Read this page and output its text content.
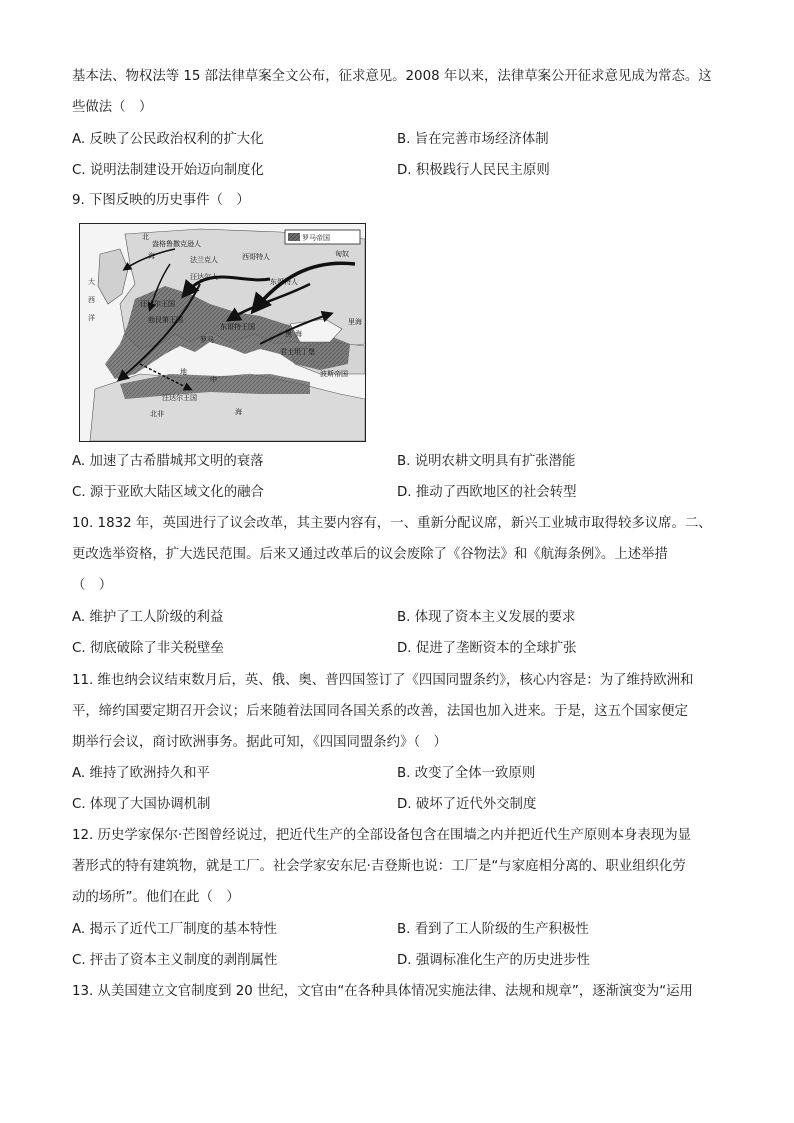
基本法、物权法等 15 部法律草案全文公布，征求意见。2008 年以来，法律草案公开征求意见成为常态。这
些做法（　）
A. 反映了公民政治权利的扩大化	B. 旨在完善市场经济体制
C. 说明法制建设开始迈向制度化	D. 积极践行人民民主原则
9. 下图反映的历史事件（　）
罗马帝国
北
海
盎格鲁撒克逊人
法兰克人
大
西
洋
匈奴
西哥特人
东哥特人
汪达尔人
汪达尔王国
勃艮第王国
东哥特王国
罗马
黑 海
君士坦丁堡
里海
波斯帝国
地
中
海
北非
汪达尔王国
A. 加速了古希腊城邦文明的衰落	B. 说明农耕文明具有扩张潜能
C. 源于亚欧大陆区域文化的融合	D. 推动了西欧地区的社会转型
10. 1832 年，英国进行了议会改革，其主要内容有，一、重新分配议席，新兴工业城市取得较多议席。二、
更改选举资格，扩大选民范围。后来又通过改革后的议会废除了《谷物法》和《航海条例》。上述举措
（　）
A. 维护了工人阶级的利益	B. 体现了资本主义发展的要求
C. 彻底破除了非关税壁垒	D. 促进了垄断资本的全球扩张
11. 维也纳会议结束数月后，英、俄、奥、普四国签订了《四国同盟条约》，核心内容是：为了维持欧洲和
平，缔约国要定期召开会议；后来随着法国同各国关系的改善，法国也加入进来。于是，这五个国家便定
期举行会议，商讨欧洲事务。据此可知，《四国同盟条约》（　）
A. 维持了欧洲持久和平	B. 改变了全体一致原则
C. 体现了大国协调机制	D. 破坏了近代外交制度
12. 历史学家保尔·芒图曾经说过，把近代生产的全部设备包含在围墙之内并把近代生产原则本身表现为显
著形式的特有建筑物，就是工厂。社会学家安东尼·吉登斯也说：工厂是“与家庭相分离的、职业组织化劳
动的场所”。他们在此（　）
A. 揭示了近代工厂制度的基本特性	B. 看到了工人阶级的生产积极性
C. 抨击了资本主义制度的剥削属性	D. 强调标准化生产的历史进步性
13. 从美国建立文官制度到 20 世纪，文官由“在各种具体情况实施法律、法规和规章”，逐渐演变为“运用
